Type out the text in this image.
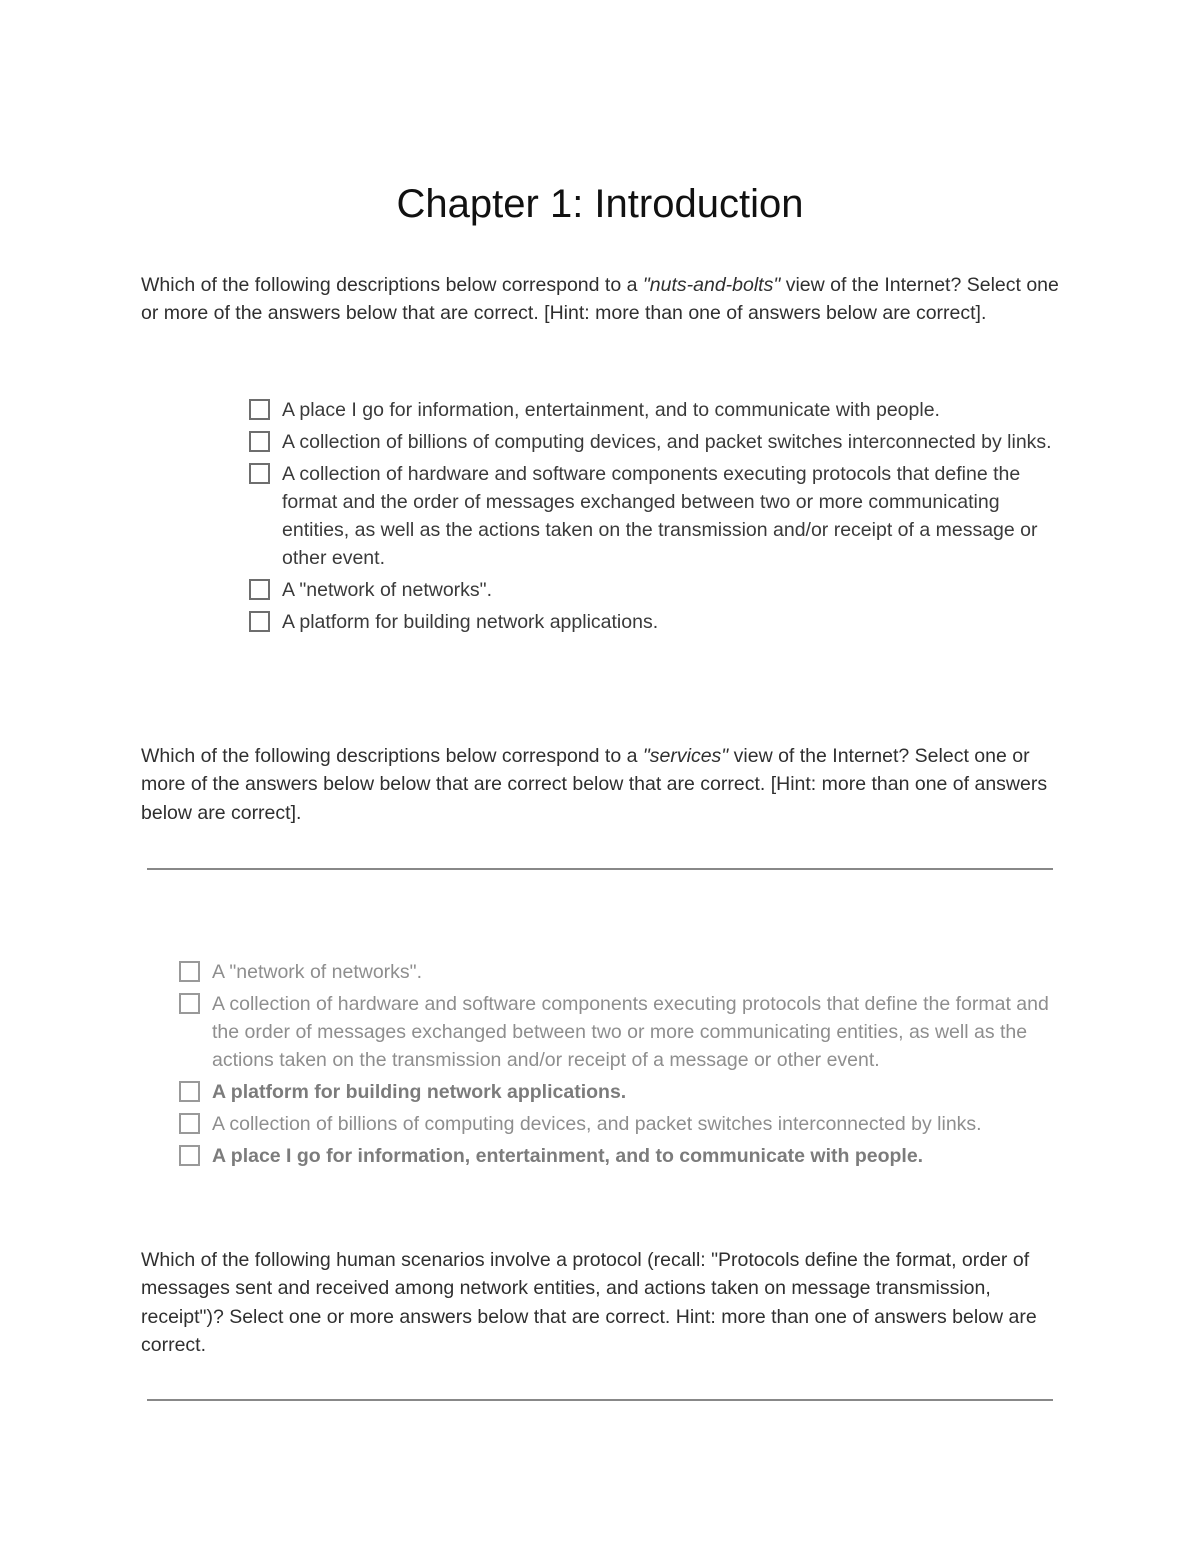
Chapter 1: Introduction
Which of the following descriptions below correspond to a "nuts-and-bolts" view of the Internet? Select one or more of the answers below that are correct. [Hint: more than one of answers below are correct].
A place I go for information, entertainment, and to communicate with people.
A collection of billions of computing devices, and packet switches interconnected by links.
A collection of hardware and software components executing protocols that define the format and the order of messages exchanged between two or more communicating entities, as well as the actions taken on the transmission and/or receipt of a message or other event.
A "network of networks".
A platform for building network applications.
Which of the following descriptions below correspond to a "services" view of the Internet? Select one or more of the answers below below that are correct below that are correct. [Hint: more than one of answers below are correct].
A "network of networks".
A collection of hardware and software components executing protocols that define the format and the order of messages exchanged between two or more communicating entities, as well as the actions taken on the transmission and/or receipt of a message or other event.
A platform for building network applications.
A collection of billions of computing devices, and packet switches interconnected by links.
A place I go for information, entertainment, and to communicate with people.
Which of the following human scenarios involve a protocol (recall: "Protocols define the format, order of messages sent and received among network entities, and actions taken on message transmission, receipt")? Select one or more answers below that are correct. Hint: more than one of answers below are correct.
